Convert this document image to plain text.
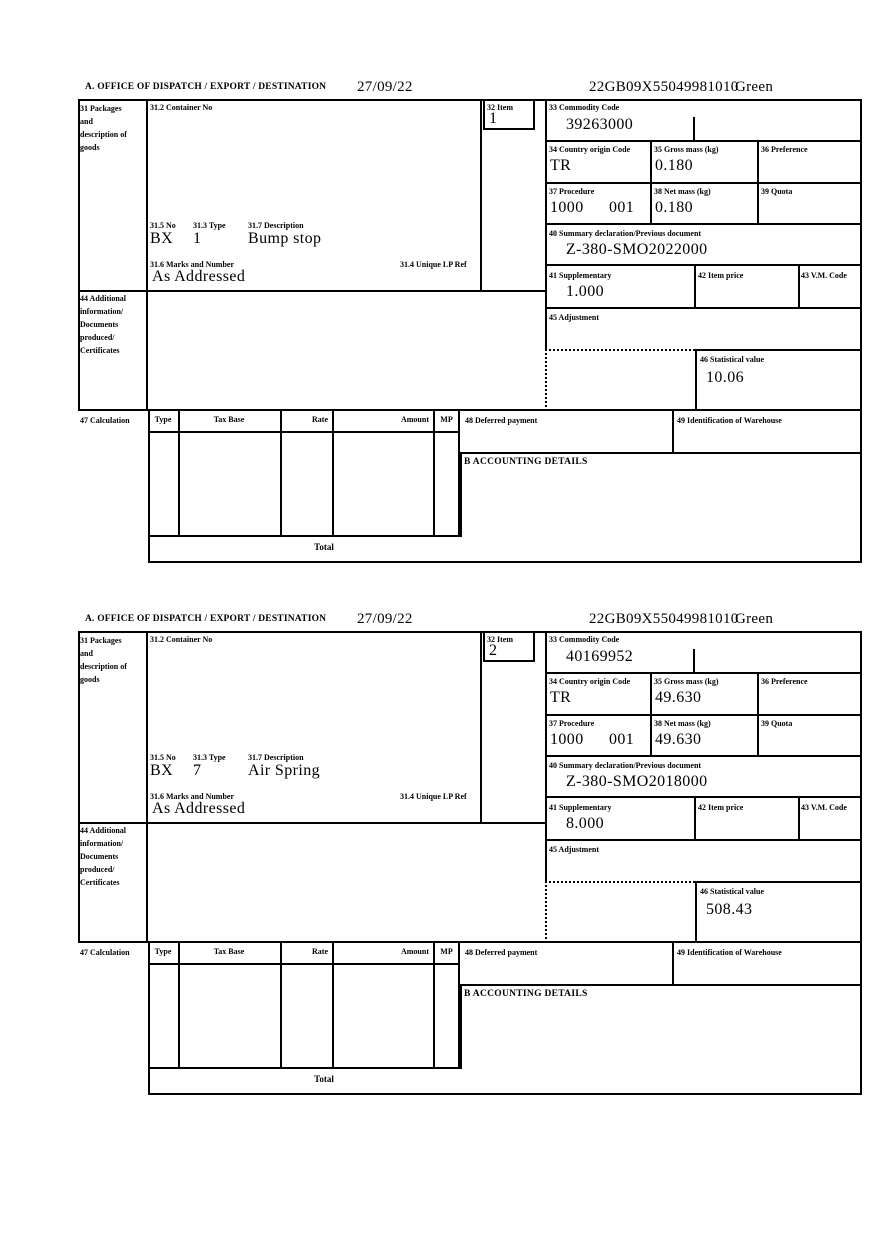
A. OFFICE OF DISPATCH / EXPORT / DESTINATION 27/09/22	22GB09X55049981010
Green
31 Packages and description of goods
44 Additional information/ Documents produced/ Certificates
47 Calculation
31.2 Container No	32 Item
1
33 Commodity Code
39263000
34 Country origin Code
TR
35 Gross mass (kg)
0.180
36 Preference
37 Procedure
1000 001
38 Net mass (kg)
0.180
39 Quota
40 Summary declaration/Previous document
Z-380-SMO2022000
41 Supplementary
1.000
42 Item price	43 V.M. Code
45 Adjustment
46 Statistical value
10.06
31.5 No 31.3 Type	31.7 Description
BX 1	Bump stop
31.6 Marks and Number	31.4 Unique LP Ref
As Addressed
Type	Tax Base	Rate	Amount	MP	48 Deferred payment	49 Identification of Warehouse
B ACCOUNTING DETAILS
Total
A. OFFICE OF DISPATCH / EXPORT / DESTINATION 27/09/22	22GB09X55049981010
Green
31 Packages and description of goods
44 Additional information/ Documents produced/ Certificates
47 Calculation
31.2 Container No	32 Item
2
33 Commodity Code
40169952
34 Country origin Code
TR
35 Gross mass (kg)
49.630
36 Preference
37 Procedure
1000 001
38 Net mass (kg)
49.630
39 Quota
40 Summary declaration/Previous document
Z-380-SMO2018000
41 Supplementary
8.000
42 Item price	43 V.M. Code
45 Adjustment
46 Statistical value
508.43
31.5 No 31.3 Type	31.7 Description
BX 7	Air Spring
31.6 Marks and Number	31.4 Unique LP Ref
As Addressed
Type	Tax Base	Rate	Amount	MP	48 Deferred payment	49 Identification of Warehouse
B ACCOUNTING DETAILS
Total
